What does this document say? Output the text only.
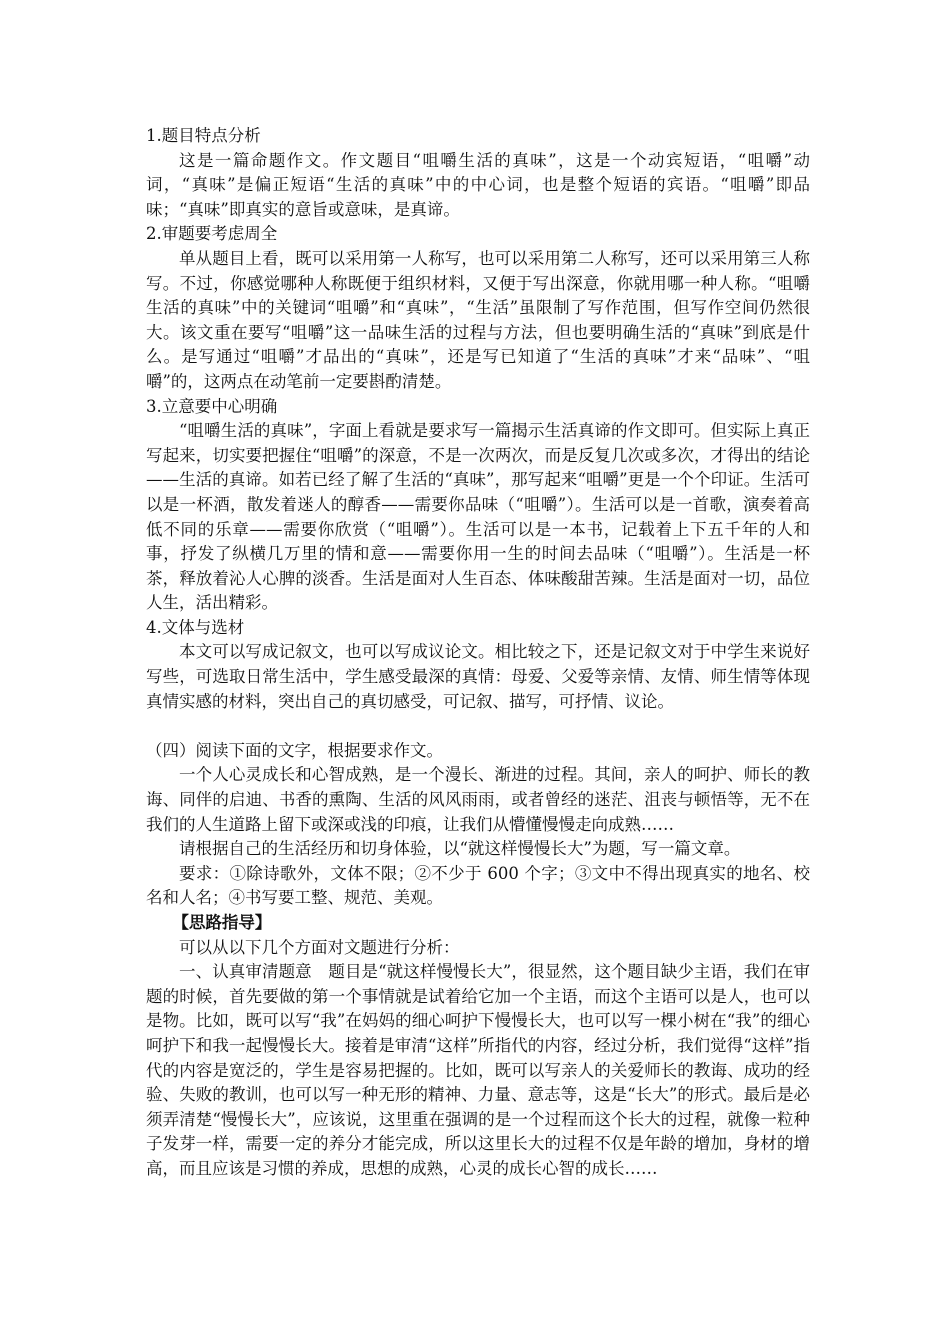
1.题目特点分析

这是一篇命题作文。作文题目“咀嚼生活的真味”，这是一个动宾短语，“咀嚼”动词，“真味”是偏正短语“生活的真味”中的中心词，也是整个短语的宾语。“咀嚼”即品味；“真味”即真实的意旨或意味，是真谛。

2.审题要考虑周全

单从题目上看，既可以采用第一人称写，也可以采用第二人称写，还可以采用第三人称写。不过，你感觉哪种人称既便于组织材料，又便于写出深意，你就用哪一种人称。“咀嚼生活的真味”中的关键词“咀嚼”和“真味”，“生活”虽限制了写作范围，但写作空间仍然很大。该文重在要写“咀嚼”这一品味生活的过程与方法，但也要明确生活的“真味”到底是什么。是写通过“咀嚼”才品出的“真味”，还是写已知道了“生活的真味”才来“品味”、“咀嚼”的，这两点在动笔前一定要斟酌清楚。

3.立意要中心明确

“咀嚼生活的真味”，字面上看就是要求写一篇揭示生活真谛的作文即可。但实际上真正写起来，切实要把握住“咀嚼”的深意，不是一次两次，而是反复几次或多次，才得出的结论——生活的真谛。如若已经了解了生活的“真味”，那写起来“咀嚼”更是一个个印证。生活可以是一杯酒，散发着迷人的醇香——需要你品味（“咀嚼”）。生活可以是一首歌，演奏着高低不同的乐章——需要你欣赏（“咀嚼”）。生活可以是一本书，记载着上下五千年的人和事，抒发了纵横几万里的情和意——需要你用一生的时间去品味（“咀嚼”）。生活是一杯茶，释放着沁人心脾的淡香。生活是面对人生百态、体味酸甜苦辣。生活是面对一切，品位人生，活出精彩。

4.文体与选材

本文可以写成记叙文，也可以写成议论文。相比较之下，还是记叙文对于中学生来说好写些，可选取日常生活中，学生感受最深的真情：母爱、父爱等亲情、友情、师生情等体现真情实感的材料，突出自己的真切感受，可记叙、描写，可抒情、议论。

（四）阅读下面的文字，根据要求作文。

一个人心灵成长和心智成熟，是一个漫长、渐进的过程。其间，亲人的呵护、师长的教诲、同伴的启迪、书香的熏陶、生活的风风雨雨，或者曾经的迷茫、沮丧与顿悟等，无不在我们的人生道路上留下或深或浅的印痕，让我们从懵懂慢慢走向成熟……

请根据自己的生活经历和切身体验，以“就这样慢慢长大”为题，写一篇文章。

要求：①除诗歌外，文体不限；②不少于 600 个字；③文中不得出现真实的地名、校名和人名；④书写要工整、规范、美观。

【思路指导】

可以从以下几个方面对文题进行分析：

一、认真审清题意　题目是“就这样慢慢长大”，很显然，这个题目缺少主语，我们在审题的时候，首先要做的第一个事情就是试着给它加一个主语，而这个主语可以是人，也可以是物。比如，既可以写“我”在妈妈的细心呵护下慢慢长大，也可以写一棵小树在“我”的细心呵护下和我一起慢慢长大。接着是审清“这样”所指代的内容，经过分析，我们觉得“这样”指代的内容是宽泛的，学生是容易把握的。比如，既可以写亲人的关爱师长的教诲、成功的经验、失败的教训，也可以写一种无形的精神、力量、意志等，这是“长大”的形式。最后是必须弄清楚“慢慢长大”，应该说，这里重在强调的是一个过程而这个长大的过程，就像一粒种子发芽一样，需要一定的养分才能完成，所以这里长大的过程不仅是年龄的增加，身材的增高，而且应该是习惯的养成，思想的成熟，心灵的成长心智的成长……
